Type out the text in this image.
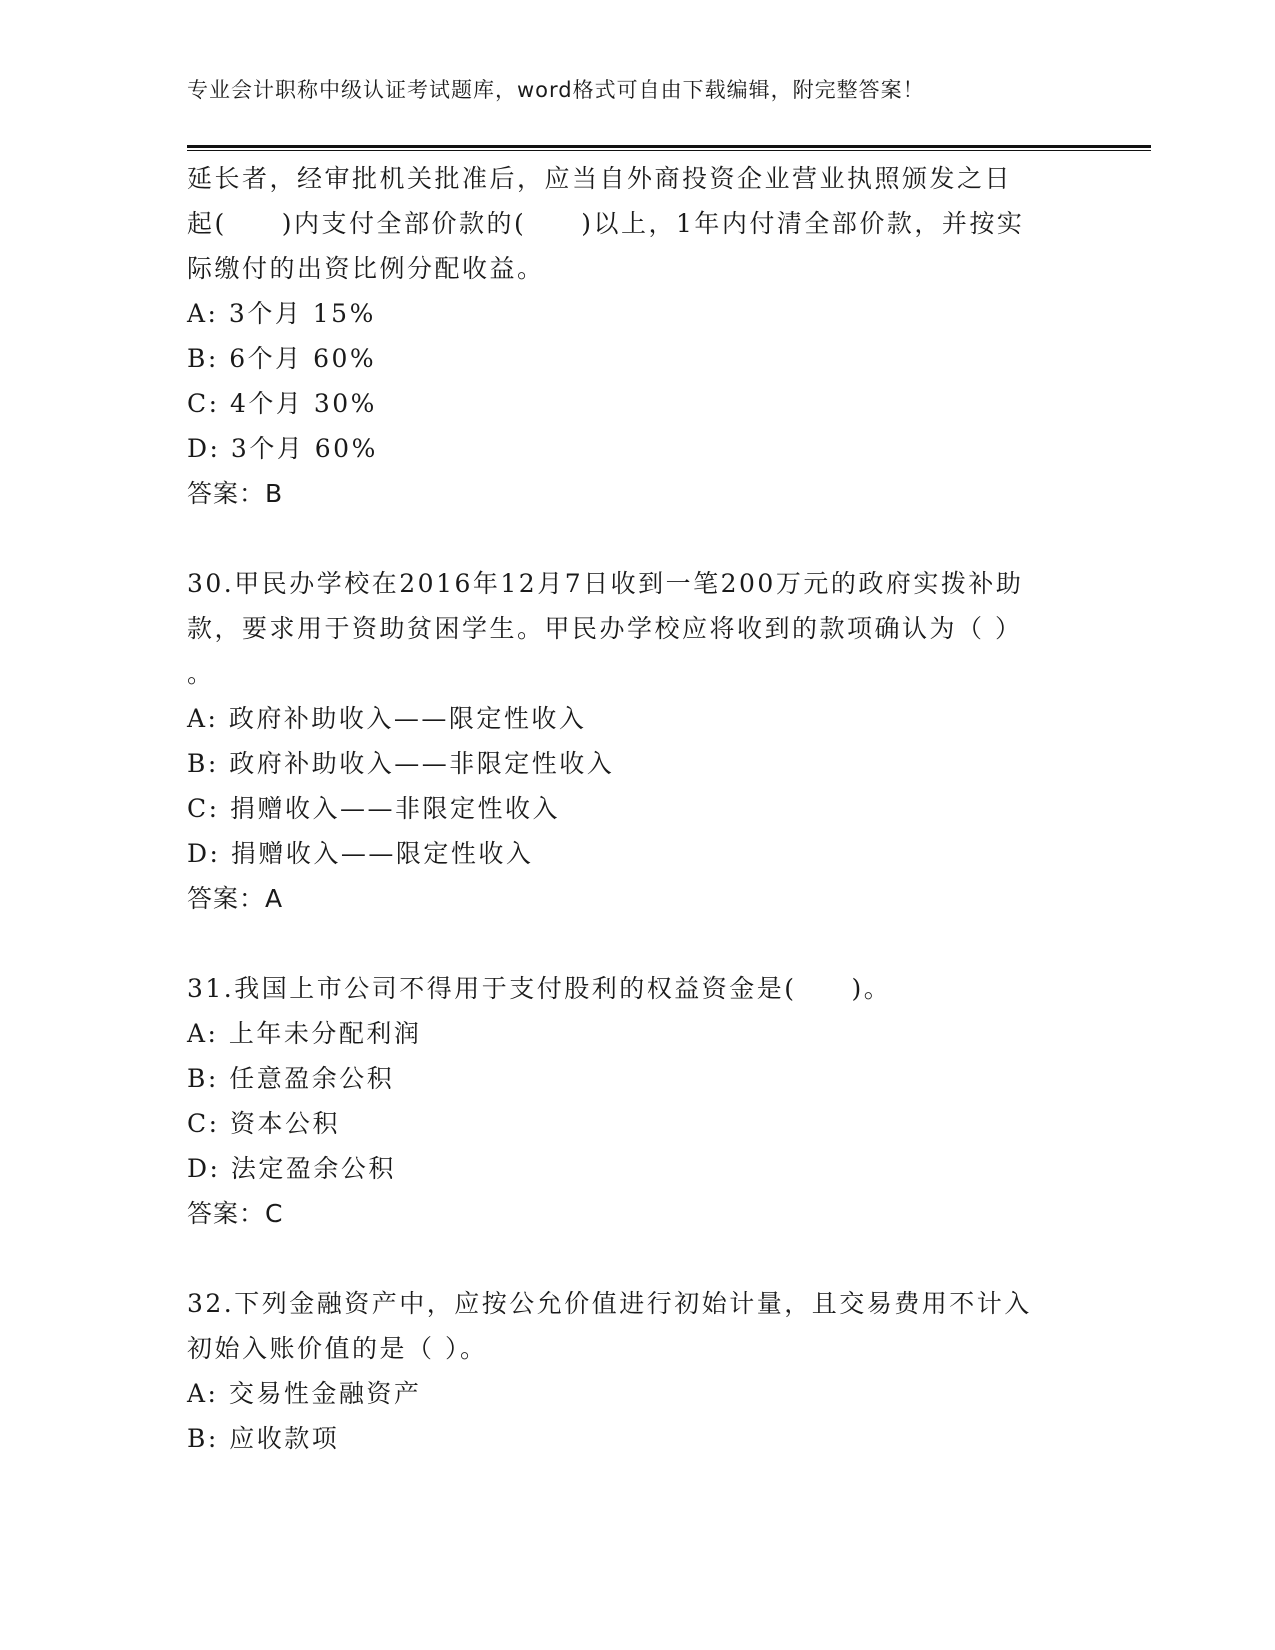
专业会计职称中级认证考试题库，word格式可自由下载编辑，附完整答案！
延长者，经审批机关批准后，应当自外商投资企业营业执照颁发之日
起(　　)内支付全部价款的(　　)以上，1年内付清全部价款，并按实
际缴付的出资比例分配收益。
A: 3个月 15%
B: 6个月 60%
C: 4个月 30%
D: 3个月 60%
答案：B
30.甲民办学校在2016年12月7日收到一笔200万元的政府实拨补助
款，要求用于资助贫困学生。甲民办学校应将收到的款项确认为（ ）
。
A: 政府补助收入——限定性收入
B: 政府补助收入——非限定性收入
C: 捐赠收入——非限定性收入
D: 捐赠收入——限定性收入
答案：A
31.我国上市公司不得用于支付股利的权益资金是(　　)。
A: 上年未分配利润
B: 任意盈余公积
C: 资本公积
D: 法定盈余公积
答案：C
32.下列金融资产中，应按公允价值进行初始计量，且交易费用不计入
初始入账价值的是（ ）。
A: 交易性金融资产
B: 应收款项
